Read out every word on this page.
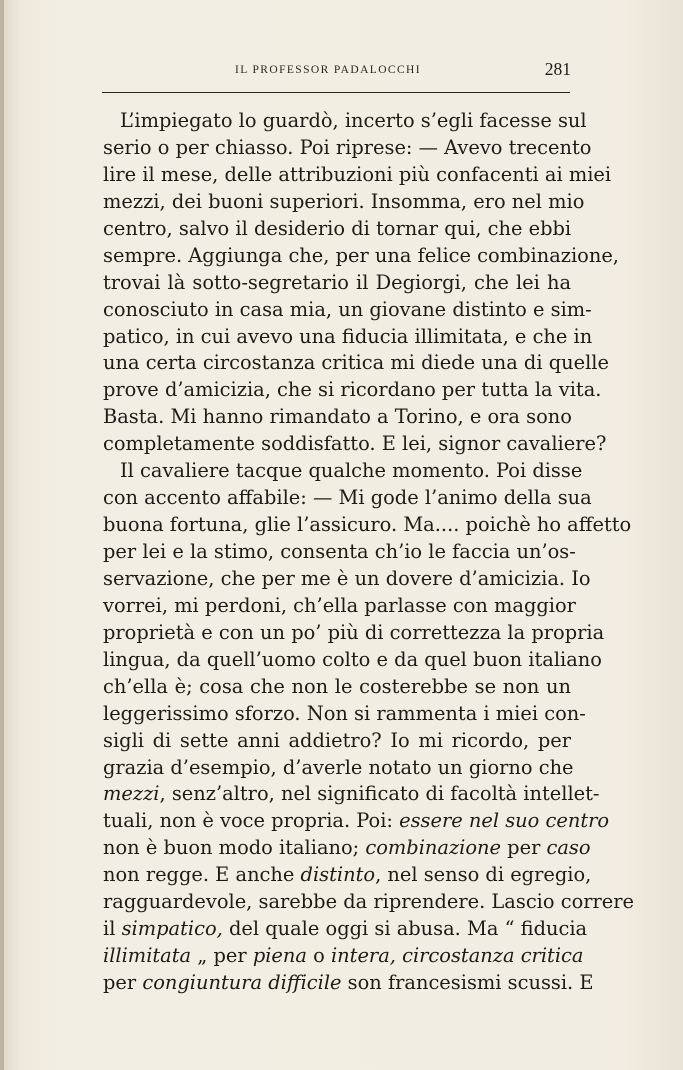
IL PROFESSOR PADALOCCHI	281
L’impiegato lo guardò, incerto s’egli facesse sul
serio o per chiasso. Poi riprese: — Avevo trecento
lire il mese, delle attribuzioni più confacenti ai miei
mezzi, dei buoni superiori. Insomma, ero nel mio
centro, salvo il desiderio di tornar qui, che ebbi
sempre. Aggiunga che, per una felice combinazione,
trovai là sotto-segretario il Degiorgi, che lei ha
conosciuto in casa mia, un giovane distinto e sim-
patico, in cui avevo una fiducia illimitata, e che in
una certa circostanza critica mi diede una di quelle
prove d’amicizia, che si ricordano per tutta la vita.
Basta. Mi hanno rimandato a Torino, e ora sono
completamente soddisfatto. E lei, signor cavaliere?
Il cavaliere tacque qualche momento. Poi disse
con accento affabile: — Mi gode l’animo della sua
buona fortuna, glie l’assicuro. Ma.... poichè ho affetto
per lei e la stimo, consenta ch’io le faccia un’os-
servazione, che per me è un dovere d’amicizia. Io
vorrei, mi perdoni, ch’ella parlasse con maggior
proprietà e con un po’ più di correttezza la propria
lingua, da quell’uomo colto e da quel buon italiano
ch’ella è; cosa che non le costerebbe se non un
leggerissimo sforzo. Non si rammenta i miei con-
sigli di sette anni addietro? Io mi ricordo, per
grazia d’esempio, d’averle notato un giorno che
mezzi, senz’altro, nel significato di facoltà intellet-
tuali, non è voce propria. Poi: essere nel suo centro
non è buon modo italiano; combinazione per caso
non regge. E anche distinto, nel senso di egregio,
ragguardevole, sarebbe da riprendere. Lascio correre
il simpatico, del quale oggi si abusa. Ma “ fiducia
illimitata „ per piena o intera, circostanza critica
per congiuntura difficile son francesismi scussi. E
